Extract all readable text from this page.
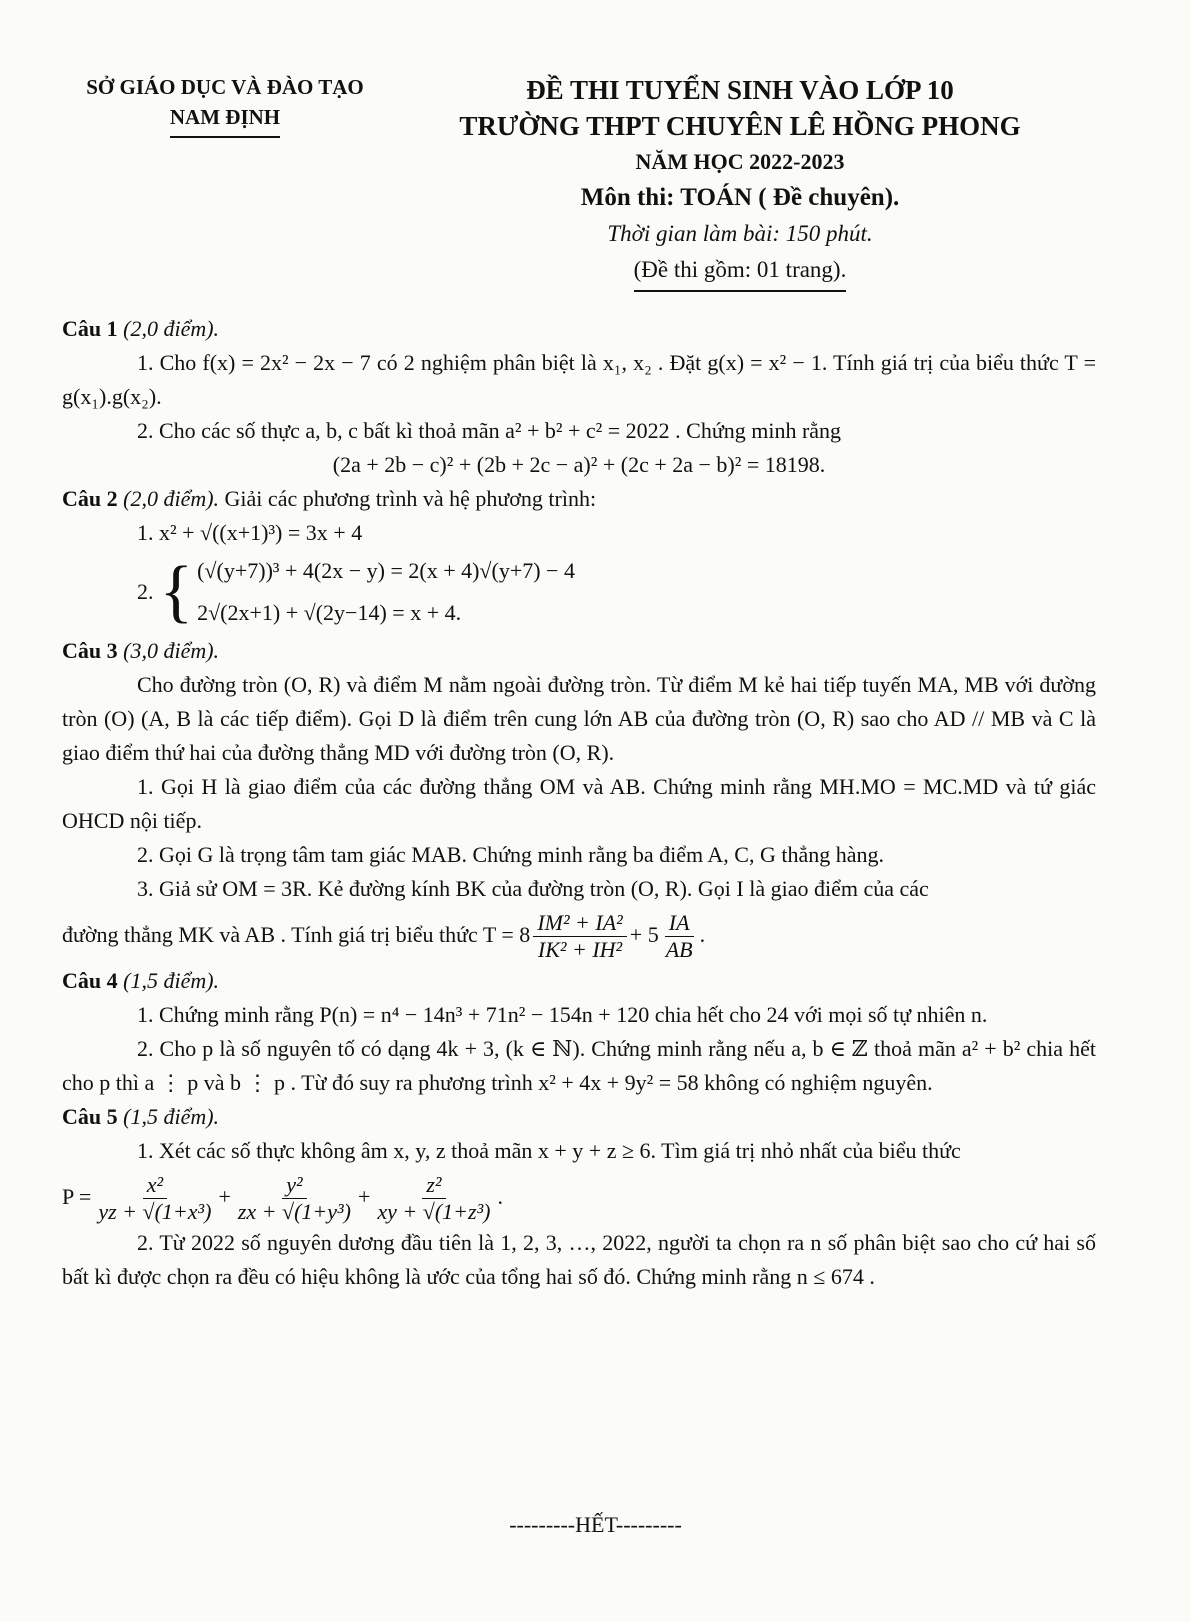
SỞ GIÁO DỤC VÀ ĐÀO TẠO
NAM ĐỊNH
ĐỀ THI TUYỂN SINH VÀO LỚP 10
TRƯỜNG THPT CHUYÊN LÊ HỒNG PHONG
NĂM HỌC 2022-2023
Môn thi: TOÁN ( Đề chuyên).
Thời gian làm bài: 150 phút.
(Đề thi gồm: 01 trang).

Câu 1 (2,0 điểm).

1. Cho f(x) = 2x² − 2x − 7 có 2 nghiệm phân biệt là x₁, x₂ . Đặt g(x) = x² − 1. Tính giá trị của biểu thức T = g(x₁).g(x₂).

2. Cho các số thực a, b, c bất kì thoả mãn a² + b² + c² = 2022 . Chứng minh rằng

(2a + 2b − c)² + (2b + 2c − a)² + (2c + 2a − b)² = 18198.

Câu 2 (2,0 điểm). Giải các phương trình và hệ phương trình:

1. x² + √((x+1)³) = 3x + 4

2. { (√(y+7))³ + 4(2x − y) = 2(x + 4)√(y+7) − 4
2√(2x+1) + √(2y−14) = x + 4.

Câu 3 (3,0 điểm).

Cho đường tròn (O, R) và điểm M nằm ngoài đường tròn. Từ điểm M kẻ hai tiếp tuyến MA, MB với đường tròn (O) (A, B là các tiếp điểm). Gọi D là điểm trên cung lớn AB của đường tròn (O, R) sao cho AD // MB và C là giao điểm thứ hai của đường thẳng MD với đường tròn (O, R).

1. Gọi H là giao điểm của các đường thẳng OM và AB. Chứng minh rằng MH.MO = MC.MD và tứ giác OHCD nội tiếp.

2. Gọi G là trọng tâm tam giác MAB. Chứng minh rằng ba điểm A, C, G thẳng hàng.

3. Giả sử OM = 3R. Kẻ đường kính BK của đường tròn (O, R). Gọi I là giao điểm của các

đường thẳng MK và AB . Tính giá trị biểu thức $T = 8 \frac{\text{IM² + IA²}}{\text{IK² + IH²}} + 5 \frac{IA}{AB}$ .

Câu 4 (1,5 điểm).

1. Chứng minh rằng P(n) = n⁴ − 14n³ + 71n² − 154n + 120 chia hết cho 24 với mọi số tự nhiên n.

2. Cho p là số nguyên tố có dạng 4k + 3, (k ∈ ℕ). Chứng minh rằng nếu a, b ∈ ℤ thoả mãn a² + b² chia hết cho p thì a ⋮ p và b ⋮ p . Từ đó suy ra phương trình x² + 4x + 9y² = 58 không có nghiệm nguyên.

Câu 5 (1,5 điểm).

1. Xét các số thực không âm x, y, z thoả mãn x + y + z ≥ 6. Tìm giá trị nhỏ nhất của biểu thức

$P = \frac{\text{x²}}{\text{yz + √(1+x³)}} + \frac{\text{y²}}{\text{zx + √(1+y³)}} + \frac{\text{z²}}{\text{xy + √(1+z³)}}$ .

2. Từ 2022 số nguyên dương đầu tiên là 1, 2, 3, …, 2022, người ta chọn ra n số phân biệt sao cho cứ hai số bất kì được chọn ra đều có hiệu không là ước của tổng hai số đó. Chứng minh rằng n ≤ 674 .

---------HẾT---------
